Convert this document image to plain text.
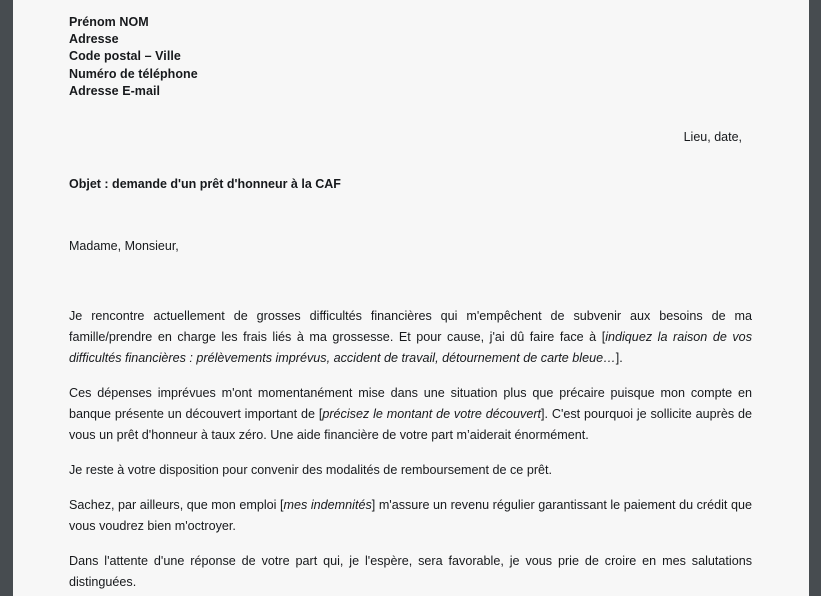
Prénom NOM
Adresse
Code postal – Ville
Numéro de téléphone
Adresse E-mail
Lieu, date,
Objet : demande d'un prêt d'honneur à la CAF
Madame, Monsieur,

Je rencontre actuellement de grosses difficultés financières qui m'empêchent de subvenir aux besoins de ma famille/prendre en charge les frais liés à ma grossesse. Et pour cause, j'ai dû faire face à [indiquez la raison de vos difficultés financières : prélèvements imprévus, accident de travail, détournement de carte bleue…].

Ces dépenses imprévues m'ont momentanément mise dans une situation plus que précaire puisque mon compte en banque présente un découvert important de [précisez le montant de votre découvert]. C'est pourquoi je sollicite auprès de vous un prêt d'honneur à taux zéro. Une aide financière de votre part m’aiderait énormément.

Je reste à votre disposition pour convenir des modalités de remboursement de ce prêt.

Sachez, par ailleurs, que mon emploi [mes indemnités] m'assure un revenu régulier garantissant le paiement du crédit que vous voudrez bien m'octroyer.

Dans l'attente d'une réponse de votre part qui, je l'espère, sera favorable, je vous prie de croire en mes salutations distinguées.
